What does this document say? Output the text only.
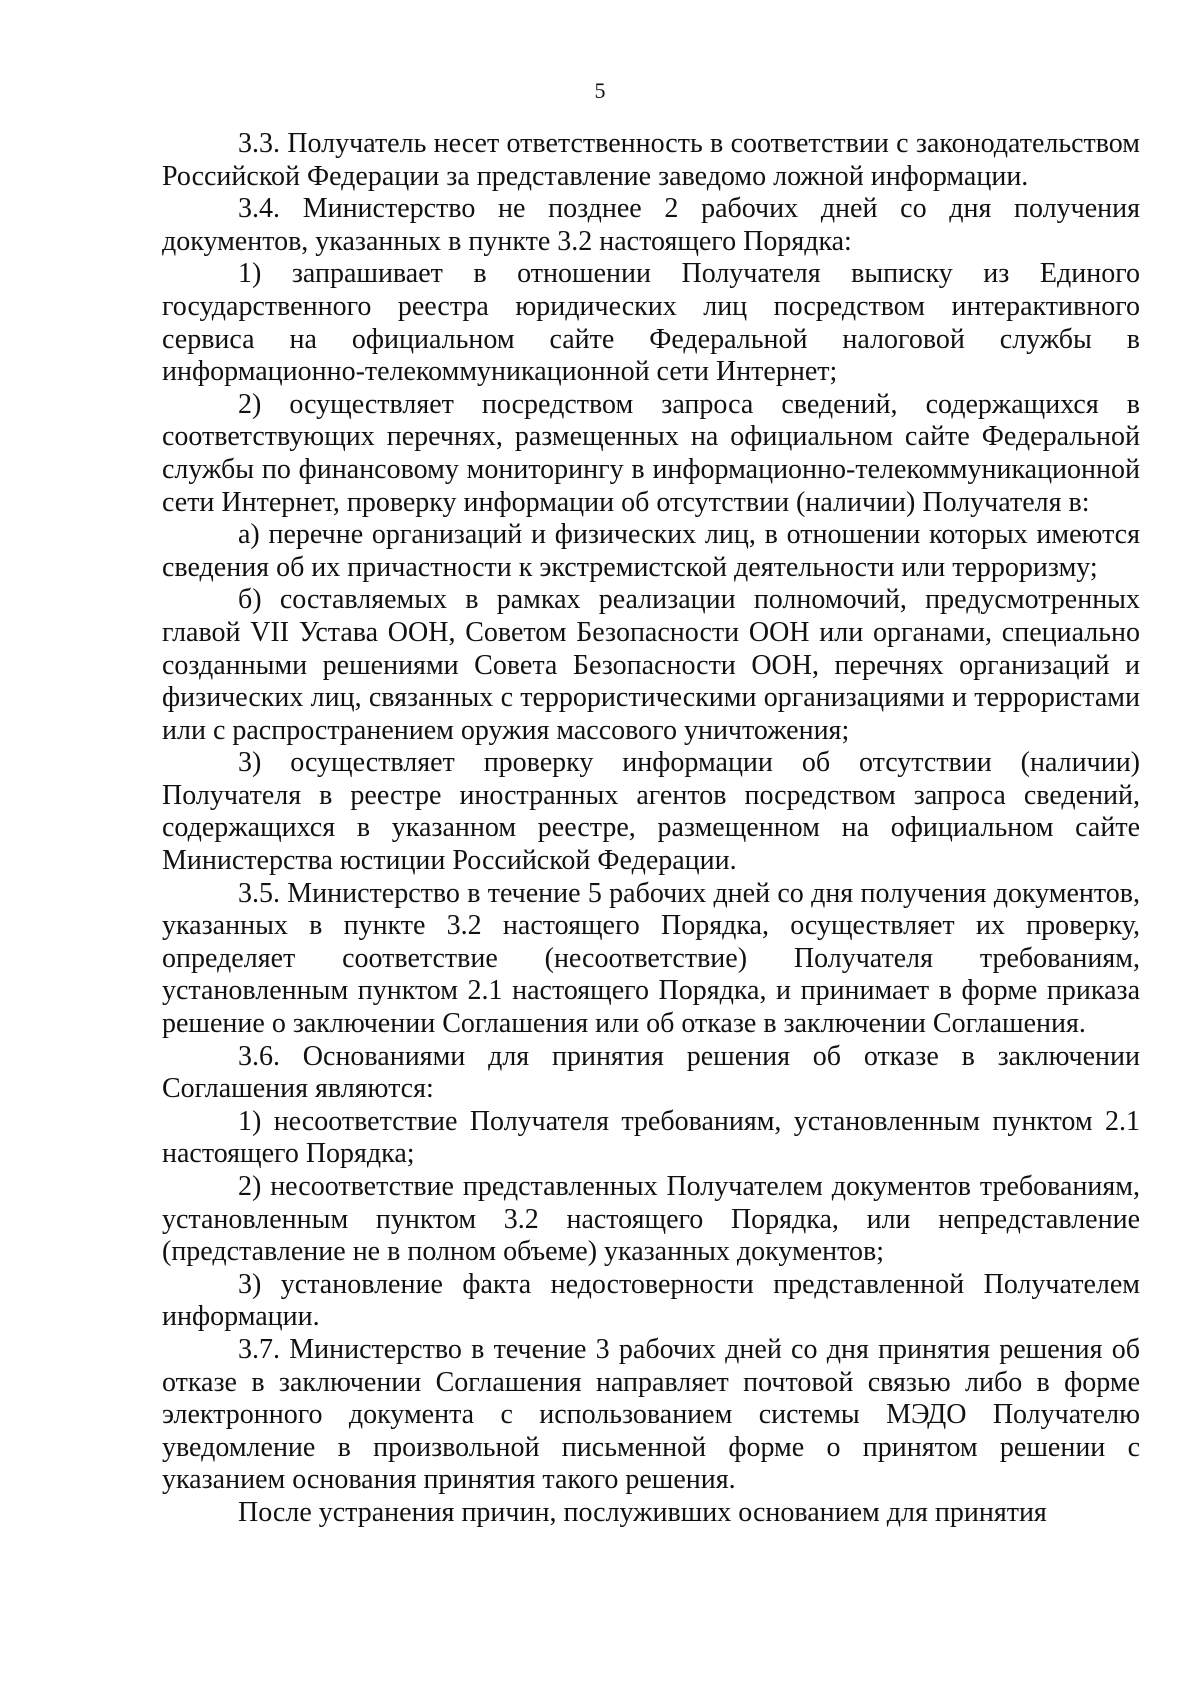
5

3.3. Получатель несет ответственность в соответствии с законодательством Российской Федерации за представление заведомо ложной информации.

3.4. Министерство не позднее 2 рабочих дней со дня получения документов, указанных в пункте 3.2 настоящего Порядка:

1) запрашивает в отношении Получателя выписку из Единого государственного реестра юридических лиц посредством интерактивного сервиса на официальном сайте Федеральной налоговой службы в информационно-телекоммуникационной сети Интернет;

2) осуществляет посредством запроса сведений, содержащихся в соответствующих перечнях, размещенных на официальном сайте Федеральной службы по финансовому мониторингу в информационно-телекоммуникационной сети Интернет, проверку информации об отсутствии (наличии) Получателя в:

а) перечне организаций и физических лиц, в отношении которых имеются сведения об их причастности к экстремистской деятельности или терроризму;

б) составляемых в рамках реализации полномочий, предусмотренных главой VII Устава ООН, Советом Безопасности ООН или органами, специально созданными решениями Совета Безопасности ООН, перечнях организаций и физических лиц, связанных с террористическими организациями и террористами или с распространением оружия массового уничтожения;

3) осуществляет проверку информации об отсутствии (наличии) Получателя в реестре иностранных агентов посредством запроса сведений, содержащихся в указанном реестре, размещенном на официальном сайте Министерства юстиции Российской Федерации.

3.5. Министерство в течение 5 рабочих дней со дня получения документов, указанных в пункте 3.2 настоящего Порядка, осуществляет их проверку, определяет соответствие (несоответствие) Получателя требованиям, установленным пунктом 2.1 настоящего Порядка, и принимает в форме приказа решение о заключении Соглашения или об отказе в заключении Соглашения.

3.6. Основаниями для принятия решения об отказе в заключении Соглашения являются:

1) несоответствие Получателя требованиям, установленным пунктом 2.1 настоящего Порядка;

2) несоответствие представленных Получателем документов требованиям, установленным пунктом 3.2 настоящего Порядка, или непредставление (представление не в полном объеме) указанных документов;

3) установление факта недостоверности представленной Получателем информации.

3.7. Министерство в течение 3 рабочих дней со дня принятия решения об отказе в заключении Соглашения направляет почтовой связью либо в форме электронного документа с использованием системы МЭДО Получателю уведомление в произвольной письменной форме о принятом решении с указанием основания принятия такого решения.

После устранения причин, послуживших основанием для принятия
